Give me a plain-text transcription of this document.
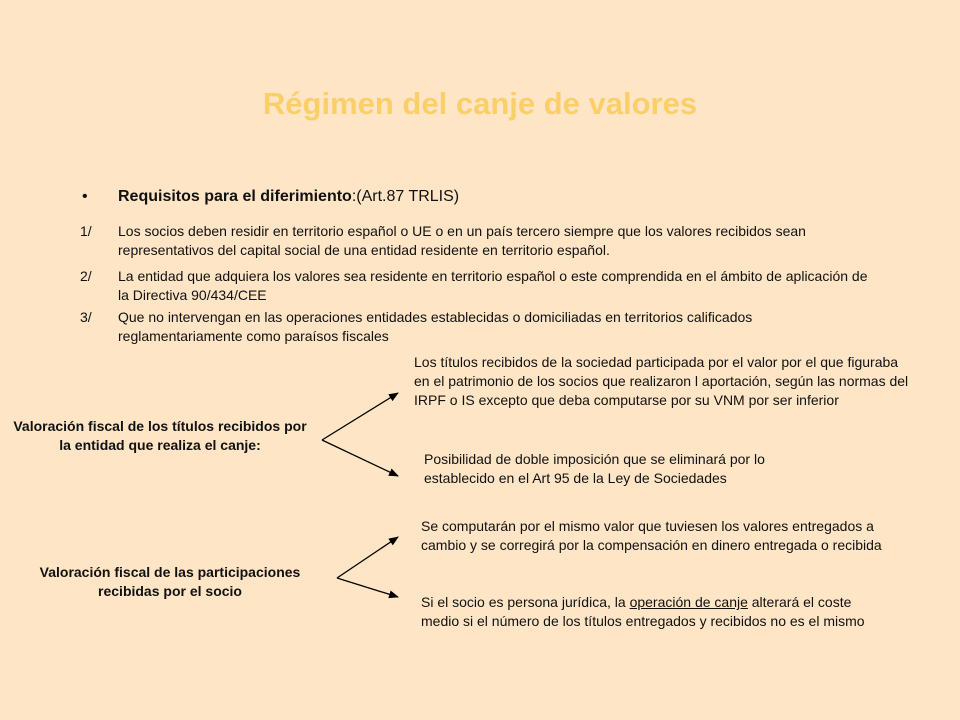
Régimen del canje de valores
• Requisitos para el diferimiento:(Art.87 TRLIS)
1/	Los socios deben residir en territorio español o UE o en un país tercero siempre que los valores recibidos sean representativos del capital social de una entidad residente en territorio español.
2/	La entidad que adquiera los valores sea residente en territorio español o este comprendida en el ámbito de aplicación de la Directiva 90/434/CEE
3/	Que no intervengan en las operaciones entidades establecidas o domiciliadas en territorios calificados reglamentariamente como paraísos fiscales
Valoración fiscal de los títulos recibidos por la entidad que realiza el canje:
Los títulos recibidos de la sociedad participada por el valor por el que figuraba en el patrimonio de los socios que realizaron l aportación, según las normas del IRPF o IS excepto que deba computarse por su VNM por ser inferior
Posibilidad de doble imposición que se eliminará por lo establecido en el Art 95 de la Ley de Sociedades
Valoración fiscal de las participaciones recibidas por el socio
Se computarán por el mismo valor que tuviesen los valores entregados a cambio y se corregirá por la compensación en dinero entregada o recibida
Si el socio es persona jurídica, la operación de canje alterará el coste medio si el número de los títulos entregados y recibidos no es el mismo
